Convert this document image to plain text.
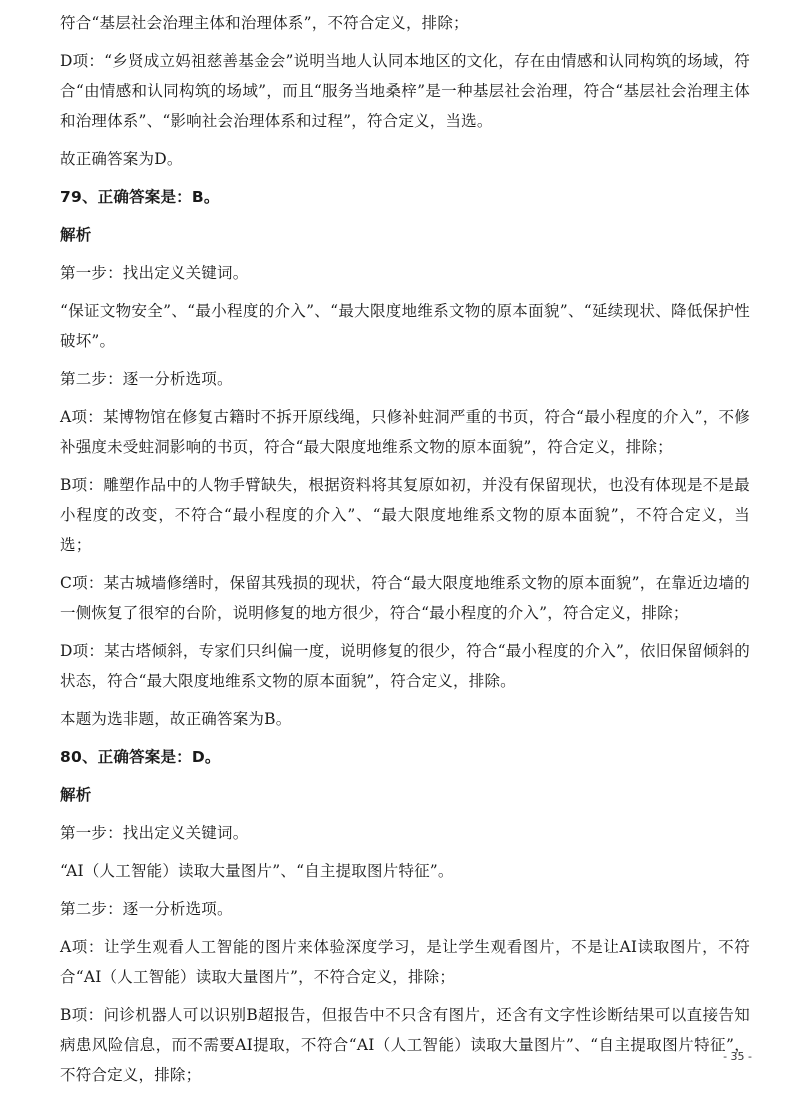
符合“基层社会治理主体和治理体系”，不符合定义，排除；

D项：“乡贤成立妈祖慈善基金会”说明当地人认同本地区的文化，存在由情感和认同构筑的场域，符合“由情感和认同构筑的场域”，而且“服务当地桑梓”是一种基层社会治理，符合“基层社会治理主体和治理体系”、“影响社会治理体系和过程”，符合定义，当选。

故正确答案为D。

79、正确答案是：B。

解析

第一步：找出定义关键词。

“保证文物安全”、“最小程度的介入”、“最大限度地维系文物的原本面貌”、“延续现状、降低保护性破坏”。

第二步：逐一分析选项。

A项：某博物馆在修复古籍时不拆开原线绳，只修补蛀洞严重的书页，符合“最小程度的介入”，不修补强度未受蛀洞影响的书页，符合“最大限度地维系文物的原本面貌”，符合定义，排除；

B项：雕塑作品中的人物手臂缺失，根据资料将其复原如初，并没有保留现状，也没有体现是不是最小程度的改变，不符合“最小程度的介入”、“最大限度地维系文物的原本面貌”，不符合定义，当选；

C项：某古城墙修缮时，保留其残损的现状，符合“最大限度地维系文物的原本面貌”，在靠近边墙的一侧恢复了很窄的台阶，说明修复的地方很少，符合“最小程度的介入”，符合定义，排除；

D项：某古塔倾斜，专家们只纠偏一度，说明修复的很少，符合“最小程度的介入”，依旧保留倾斜的状态，符合“最大限度地维系文物的原本面貌”，符合定义，排除。

本题为选非题，故正确答案为B。

80、正确答案是：D。

解析

第一步：找出定义关键词。

“AI（人工智能）读取大量图片”、“自主提取图片特征”。

第二步：逐一分析选项。

A项：让学生观看人工智能的图片来体验深度学习，是让学生观看图片，不是让AI读取图片，不符合“AI（人工智能）读取大量图片”，不符合定义，排除；

B项：问诊机器人可以识别B超报告，但报告中不只含有图片，还含有文字性诊断结果可以直接告知病患风险信息，而不需要AI提取，不符合“AI（人工智能）读取大量图片”、“自主提取图片特征”，不符合定义，排除；

- 35 -
